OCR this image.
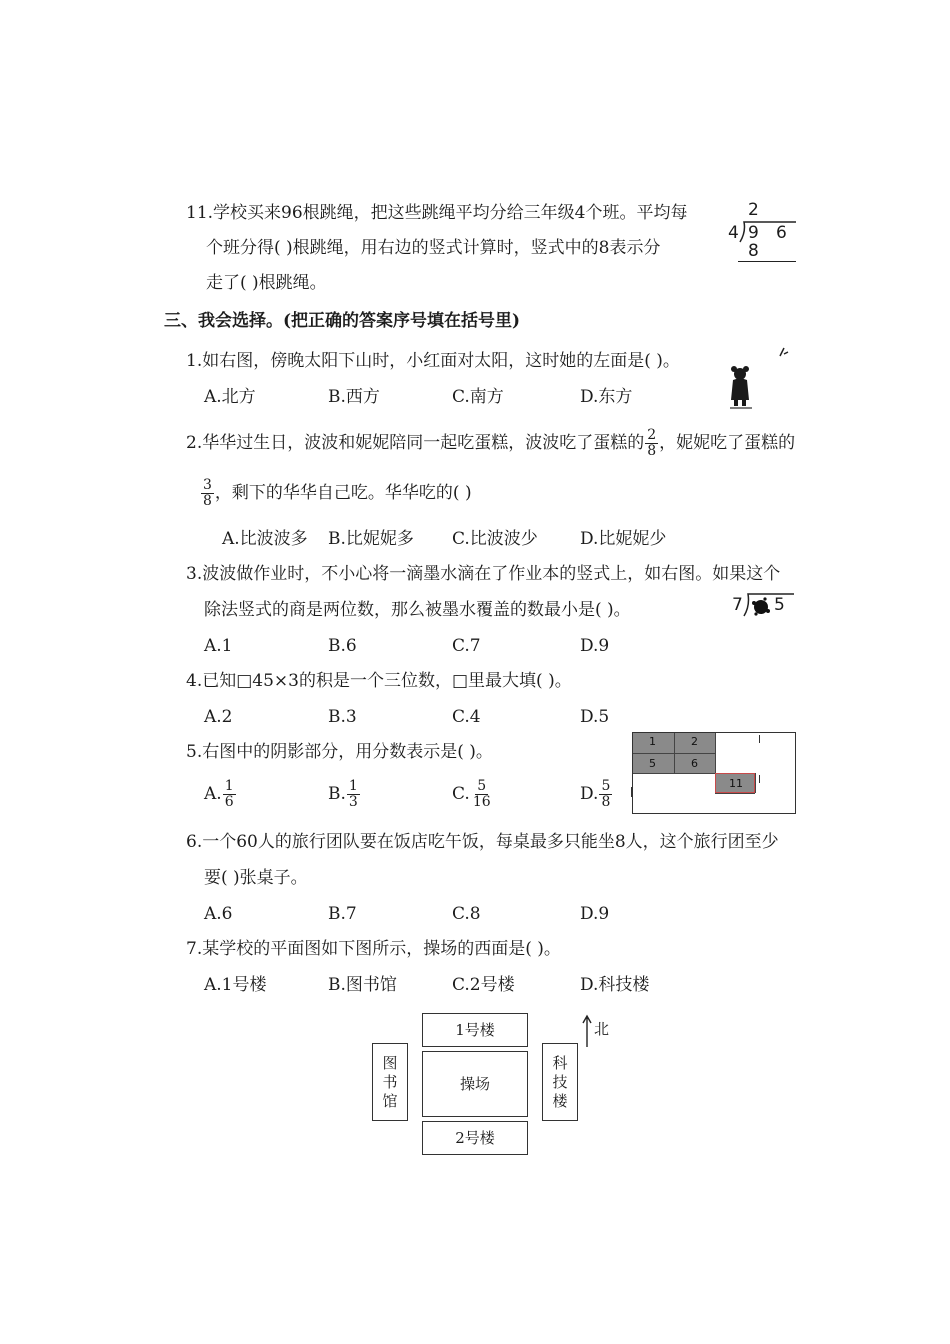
11.学校买来96根跳绳，把这些跳绳平均分给三年级4个班。平均每
个班分得( )根跳绳，用右边的竖式计算时，竖式中的8表示分
走了( )根跳绳。
2
4 9 6
8
三、我会选择。(把正确的答案序号填在括号里)
1.如右图，傍晚太阳下山时，小红面对太阳，这时她的左面是( )。
A.北方	B.西方	C.南方	D.东方
2.华华过生日，波波和妮妮陪同一起吃蛋糕，波波吃了蛋糕的 $\frac{2}{8}$ ，妮妮吃了蛋糕的
$\frac{3}{8}$ ，剩下的华华自己吃。华华吃的( )
A.比波波多 B.比妮妮多 C.比波波少 D.比妮妮少
3.波波做作业时，不小心将一滴墨水滴在了作业本的竖式上，如右图。如果这个
除法竖式的商是两位数，那么被墨水覆盖的数最小是( )。	7 5
A.1	B.6	C.7	D.9
4.已知□45×3的积是一个三位数，□里最大填( )。
A.2	B.3	C.4	D.5
5.右图中的阴影部分，用分数表示是( )。
A. $\frac{1}{6}$	B. $\frac{1}{3}$	C. $\frac{5}{16}$	D. $\frac{5}{8}$
1	2
5	6
11
6.一个60人的旅行团队要在饭店吃午饭，每桌最多只能坐8人，这个旅行团至少
要( )张桌子。
A.6	B.7	C.8	D.9
7.某学校的平面图如下图所示，操场的西面是( )。
A.1号楼	B.图书馆	C.2号楼	D.科技楼
1号楼
操场
2号楼
图
书
馆
科
技
楼
北
